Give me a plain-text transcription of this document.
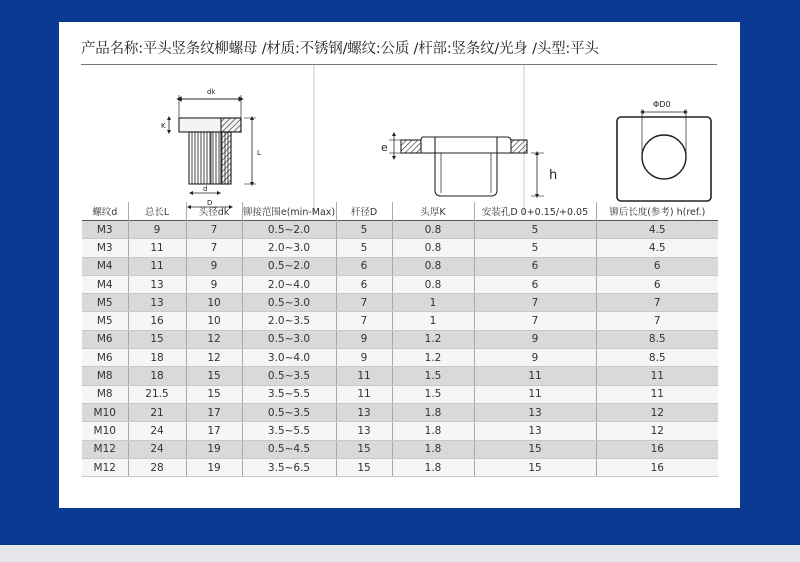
产品名称:平头竖条纹柳螺母 /材质:不锈钢/螺纹:公质 /杆部:竖条纹/光身 /头型:平头
dk
K
L
d
D
e
h
ΦD0
螺纹d	总长L	头径dk	铆接范围e(min-Max)	杆径D	头厚K	安装孔D 0+0.15/+0.05	铆后长度(参考) h(ref.)
M3	9	7	0.5~2.0	5	0.8	5	4.5
M3	11	7	2.0~3.0	5	0.8	5	4.5
M4	11	9	0.5~2.0	6	0.8	6	6
M4	13	9	2.0~4.0	6	0.8	6	6
M5	13	10	0.5~3.0	7	1	7	7
M5	16	10	2.0~3.5	7	1	7	7
M6	15	12	0.5~3.0	9	1.2	9	8.5
M6	18	12	3.0~4.0	9	1.2	9	8.5
M8	18	15	0.5~3.5	11	1.5	11	11
M8	21.5	15	3.5~5.5	11	1.5	11	11
M10	21	17	0.5~3.5	13	1.8	13	12
M10	24	17	3.5~5.5	13	1.8	13	12
M12	24	19	0.5~4.5	15	1.8	15	16
M12	28	19	3.5~6.5	15	1.8	15	16
